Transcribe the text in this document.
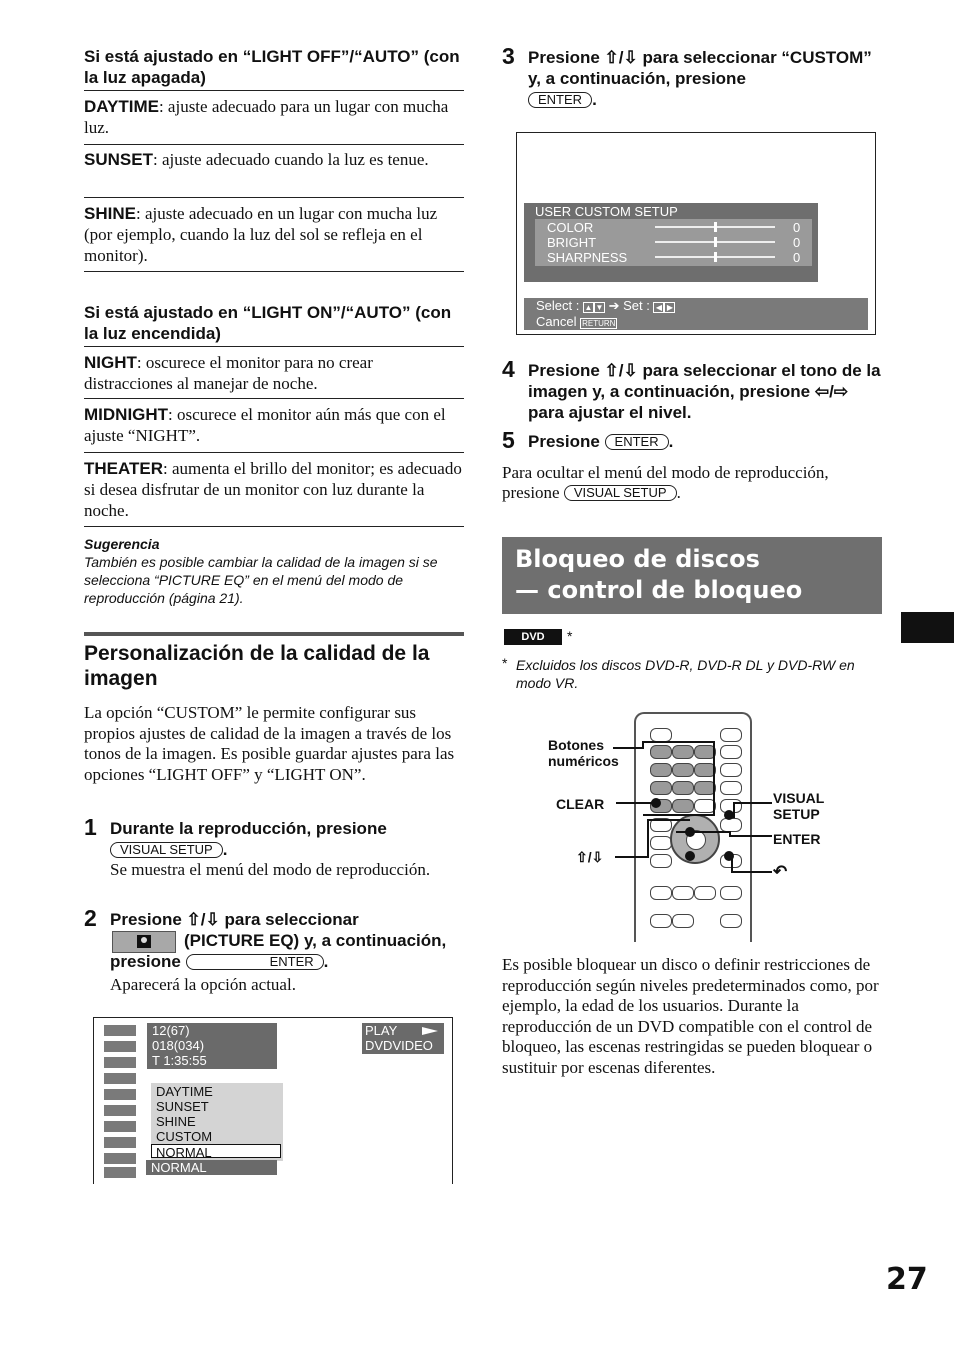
Si está ajustado en “LIGHT OFF”/“AUTO” (con la luz apagada)
DAYTIME: ajuste adecuado para un lugar con mucha luz.
SUNSET: ajuste adecuado cuando la luz es tenue.
SHINE: ajuste adecuado en un lugar con mucha luz (por ejemplo, cuando la luz del sol se refleja en el monitor).
Si está ajustado en “LIGHT ON”/“AUTO” (con la luz encendida)
NIGHT: oscurece el monitor para no crear distracciones al manejar de noche.
MIDNIGHT: oscurece el monitor aún más que con el ajuste “NIGHT”.
THEATER: aumenta el brillo del monitor; es adecuado si desea disfrutar de un monitor con luz durante la noche.
Sugerencia
También es posible cambiar la calidad de la imagen si se selecciona “PICTURE EQ” en el menú del modo de reproducción (página 21).
Personalización de la calidad de la imagen
La opción “CUSTOM” le permite configurar sus propios ajustes de calidad de la imagen a través de los tonos de la imagen. Es posible guardar ajustes para las opciones “LIGHT OFF” y “LIGHT ON”.
1 Durante la reproducción, presione
VISUAL SETUP .
Se muestra el menú del modo de reproducción.
2 Presione ⇧/⇩ para seleccionar
(PICTURE EQ) y, a continuación, presione	ENTER .
Aparecerá la opción actual.
12(67)
018(034)
T 1:35:55
PLAY
DVDVIDEO
DAYTIME
SUNSET
SHINE
CUSTOM
NORMAL
NORMAL
3 Presione ⇧/⇩ para seleccionar “CUSTOM” y, a continuación, presione
ENTER .
USER CUSTOM SETUP
COLOR
BRIGHT
SHARPNESS
0
0
0
Select : ▲ ▼ ➔ Set : ◀ ▶
Cancel RETURN
4 Presione ⇧/⇩ para seleccionar el tono de la imagen y, a continuación, presione ⇦/⇨ para ajustar el nivel.
5 Presione ENTER .
Para ocultar el menú del modo de reproducción, presione VISUAL SETUP .
Bloqueo de discos
— control de bloqueo
DVD	*
* Excluidos los discos DVD-R, DVD-R DL y DVD-RW en modo VR.
Botones numéricos
CLEAR
⇧/⇩
VISUAL SETUP
ENTER
↶
Es posible bloquear un disco o definir restricciones de reproducción según niveles predeterminados como, por ejemplo, la edad de los usuarios. Durante la reproducción de un DVD compatible con el control de bloqueo, las escenas restringidas se pueden bloquear o sustituir por escenas diferentes.
27
